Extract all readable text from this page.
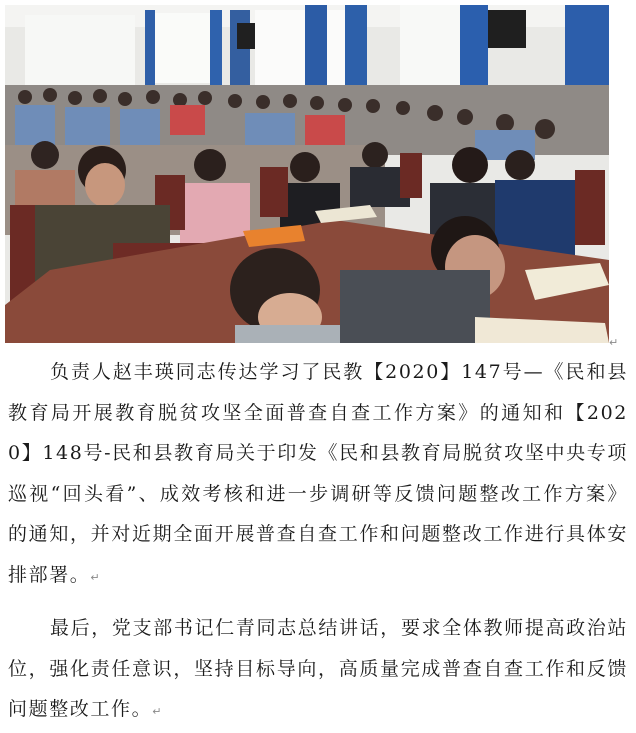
↵

负责人赵丰瑛同志传达学习了民教【2020】147号—《民和县教育局开展教育脱贫攻坚全面普查自查工作方案》的通知和【2020】148号-民和县教育局关于印发《民和县教育局脱贫攻坚中央专项巡视“回头看”、成效考核和进一步调研等反馈问题整改工作方案》的通知，并对近期全面开展普查自查工作和问题整改工作进行具体安排部署。↵

最后，党支部书记仁青同志总结讲话，要求全体教师提高政治站位，强化责任意识，坚持目标导向，高质量完成普查自查工作和反馈问题整改工作。↵
